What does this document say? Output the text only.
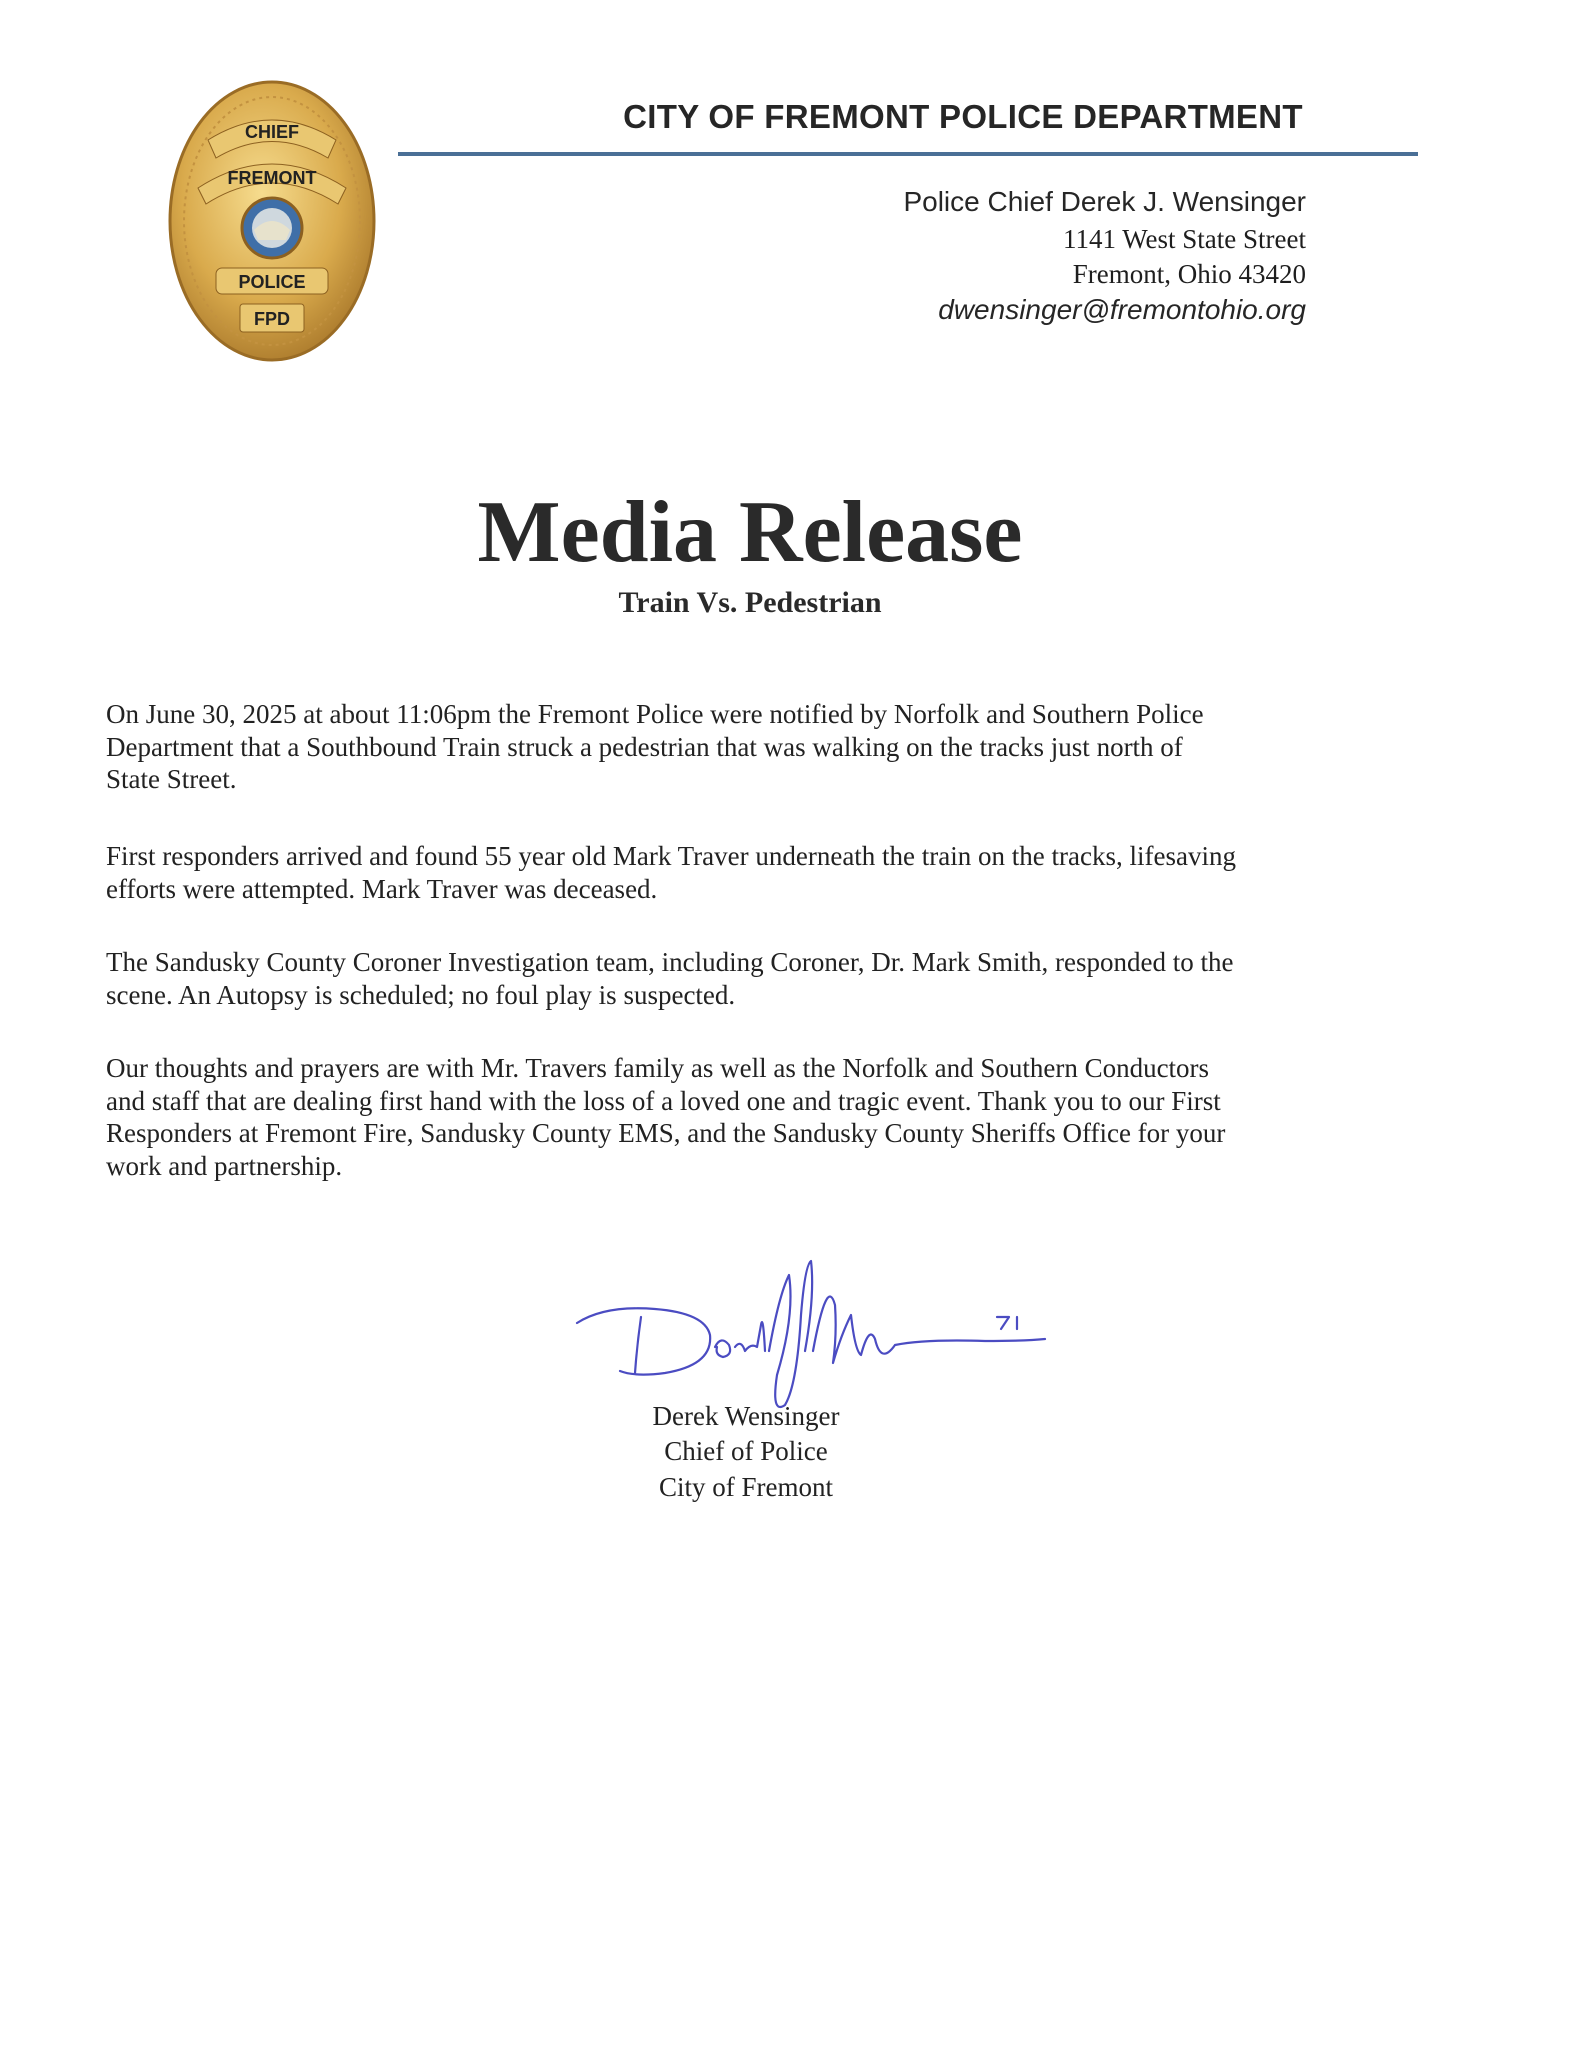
CHIEF
FREMONT
POLICE
FPD
CITY OF FREMONT POLICE DEPARTMENT
Police Chief Derek J. Wensinger
1141 West State Street
Fremont, Ohio 43420
dwensinger@fremontohio.org
Media Release
Train Vs. Pedestrian
On June 30, 2025 at about 11:06pm the Fremont Police were notified by Norfolk and Southern Police
Department that a Southbound Train struck a pedestrian that was walking on the tracks just north of
State Street.
First responders arrived and found 55 year old Mark Traver underneath the train on the tracks, lifesaving
efforts were attempted. Mark Traver was deceased.
The Sandusky County Coroner Investigation team, including Coroner, Dr. Mark Smith, responded to the
scene. An Autopsy is scheduled; no foul play is suspected.
Our thoughts and prayers are with Mr. Travers family as well as the Norfolk and Southern Conductors
and staff that are dealing first hand with the loss of a loved one and tragic event. Thank you to our First
Responders at Fremont Fire, Sandusky County EMS, and the Sandusky County Sheriffs Office for your
work and partnership.
Derek Wensinger
Chief of Police
City of Fremont
